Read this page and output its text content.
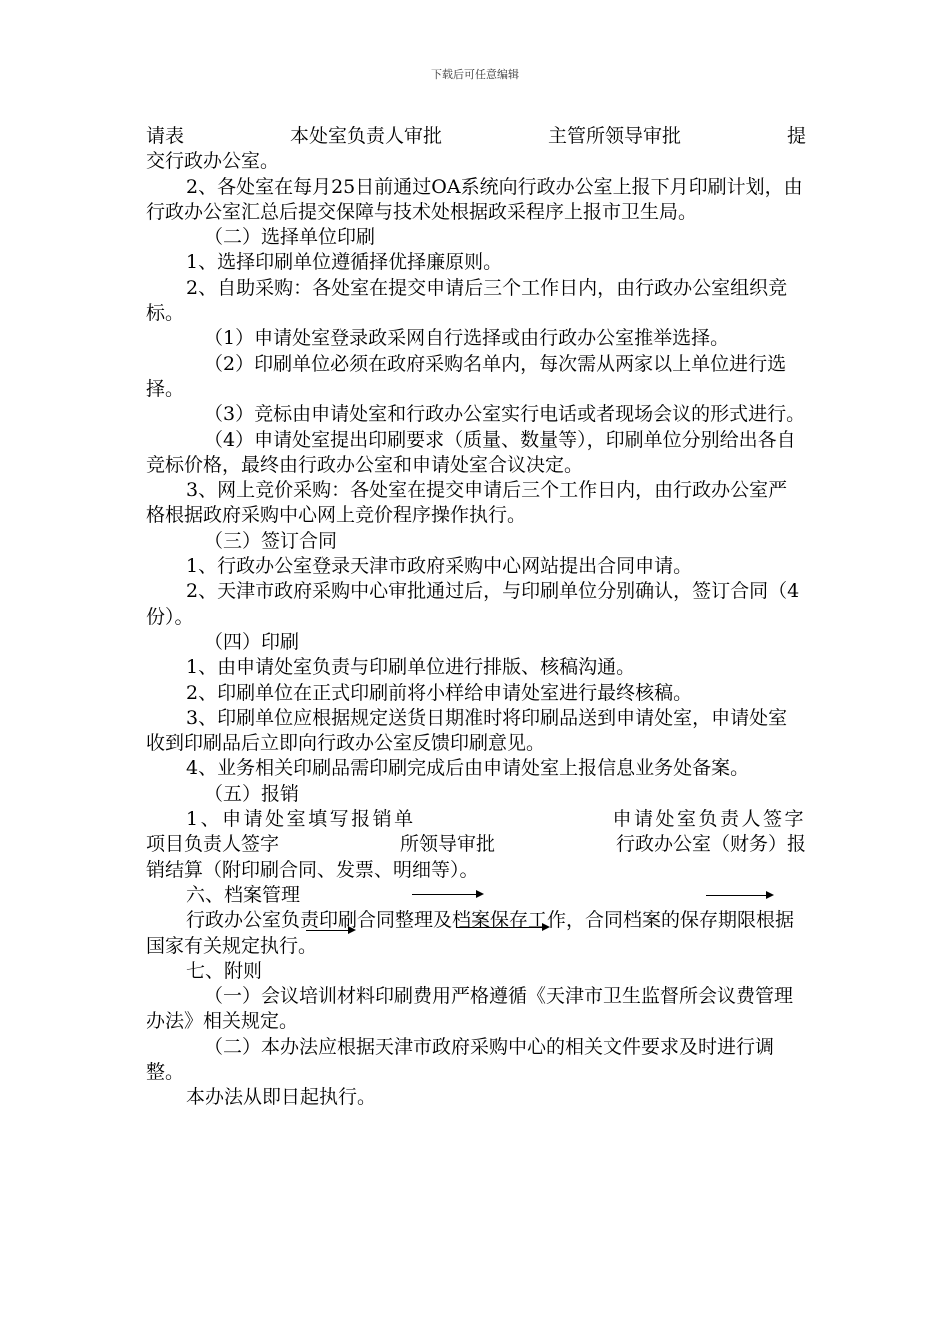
下载后可任意编辑
请表	本处室负责人审批	主管所领导审批	提

交行政办公室。

2、各处室在每月25日前通过OA系统向行政办公室上报下月印刷计划，由行政办公室汇总后提交保障与技术处根据政采程序上报市卫生局。

（二）选择单位印刷

1、选择印刷单位遵循择优择廉原则。

2、自助采购：各处室在提交申请后三个工作日内，由行政办公室组织竞标。

（1）申请处室登录政采网自行选择或由行政办公室推举选择。

（2）印刷单位必须在政府采购名单内，每次需从两家以上单位进行选择。

（3）竞标由申请处室和行政办公室实行电话或者现场会议的形式进行。

（4）申请处室提出印刷要求（质量、数量等），印刷单位分别给出各自竞标价格，最终由行政办公室和申请处室合议决定。

3、网上竞价采购：各处室在提交申请后三个工作日内，由行政办公室严格根据政府采购中心网上竞价程序操作执行。

（三）签订合同

1、行政办公室登录天津市政府采购中心网站提出合同申请。

2、天津市政府采购中心审批通过后，与印刷单位分别确认，签订合同（4份）。

（四）印刷

1、由申请处室负责与印刷单位进行排版、核稿沟通。

2、印刷单位在正式印刷前将小样给申请处室进行最终核稿。

3、印刷单位应根据规定送货日期准时将印刷品送到申请处室，申请处室收到印刷品后立即向行政办公室反馈印刷意见。

4、业务相关印刷品需印刷完成后由申请处室上报信息业务处备案。

（五）报销

1、申请处室填写报销单	申请处室负责人签字
项目负责人签字	所领导审批	行政办公室（财务）报

销结算（附印刷合同、发票、明细等）。

六、档案管理

行政办公室负责印刷合同整理及档案保存工作，合同档案的保存期限根据国家有关规定执行。

七、附则

（一）会议培训材料印刷费用严格遵循《天津市卫生监督所会议费管理办法》相关规定。

（二）本办法应根据天津市政府采购中心的相关文件要求及时进行调整。

本办法从即日起执行。
